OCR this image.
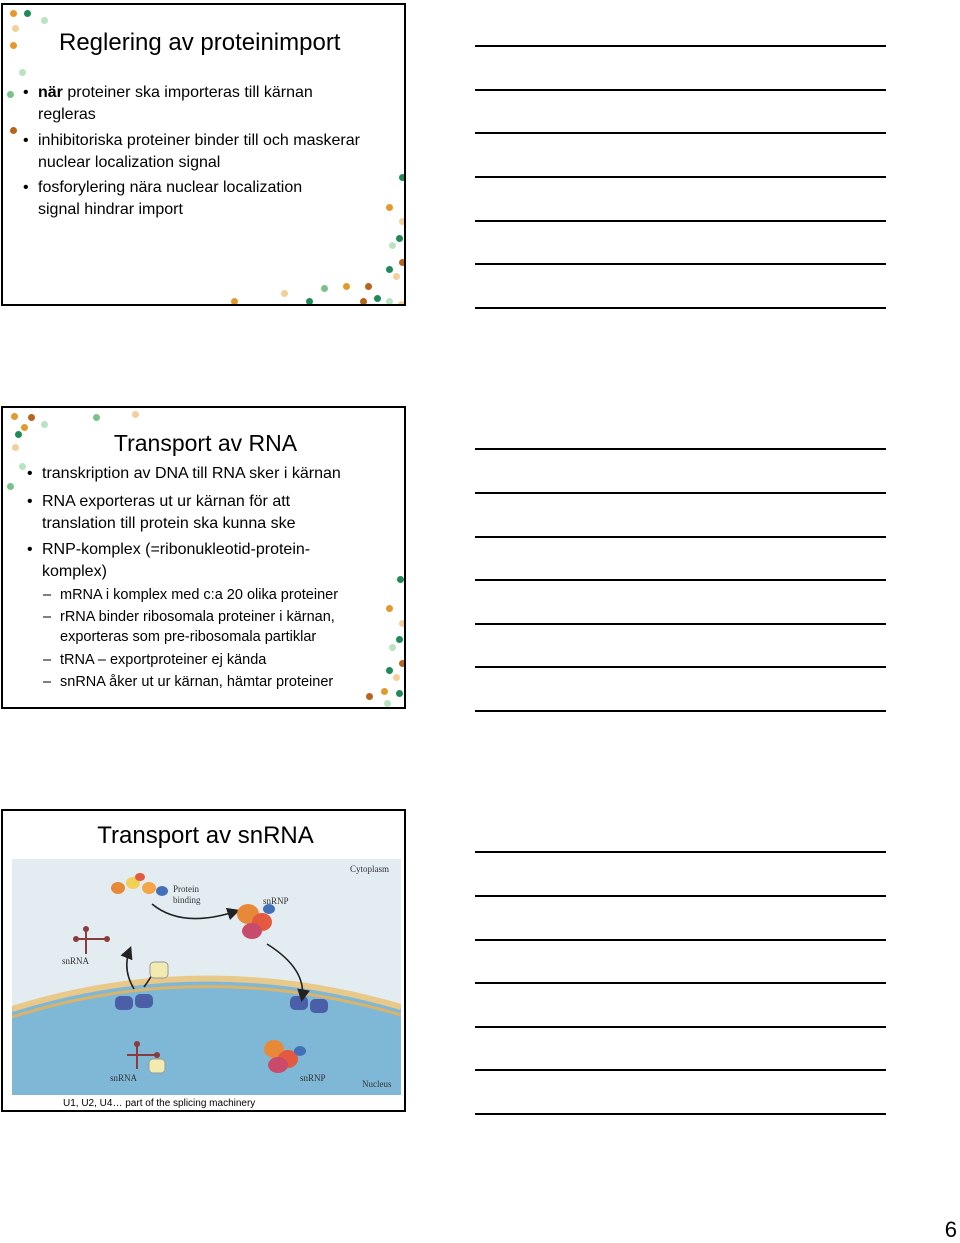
Reglering av proteinimport
• när proteiner ska importeras till kärnan regleras
• inhibitoriska proteiner binder till och maskerar nuclear localization signal
• fosforylering nära nuclear localization signal hindrar import
Transport av RNA
• transkription av DNA till RNA sker i kärnan
• RNA exporteras ut ur kärnan för att translation till protein ska kunna ske
• RNP-komplex (=ribonukleotid-protein-komplex)
– mRNA i komplex med c:a 20 olika proteiner
– rRNA binder ribosomala proteiner i kärnan, exporteras som pre-ribosomala partiklar
– tRNA – exportproteiner ej kända
– snRNA åker ut ur kärnan, hämtar proteiner
Transport av snRNA
Cytoplasm
Protein
binding	snRNP
snRNA
snRNA	snRNP
Nucleus
U1, U2, U4… part of the splicing machinery
6
